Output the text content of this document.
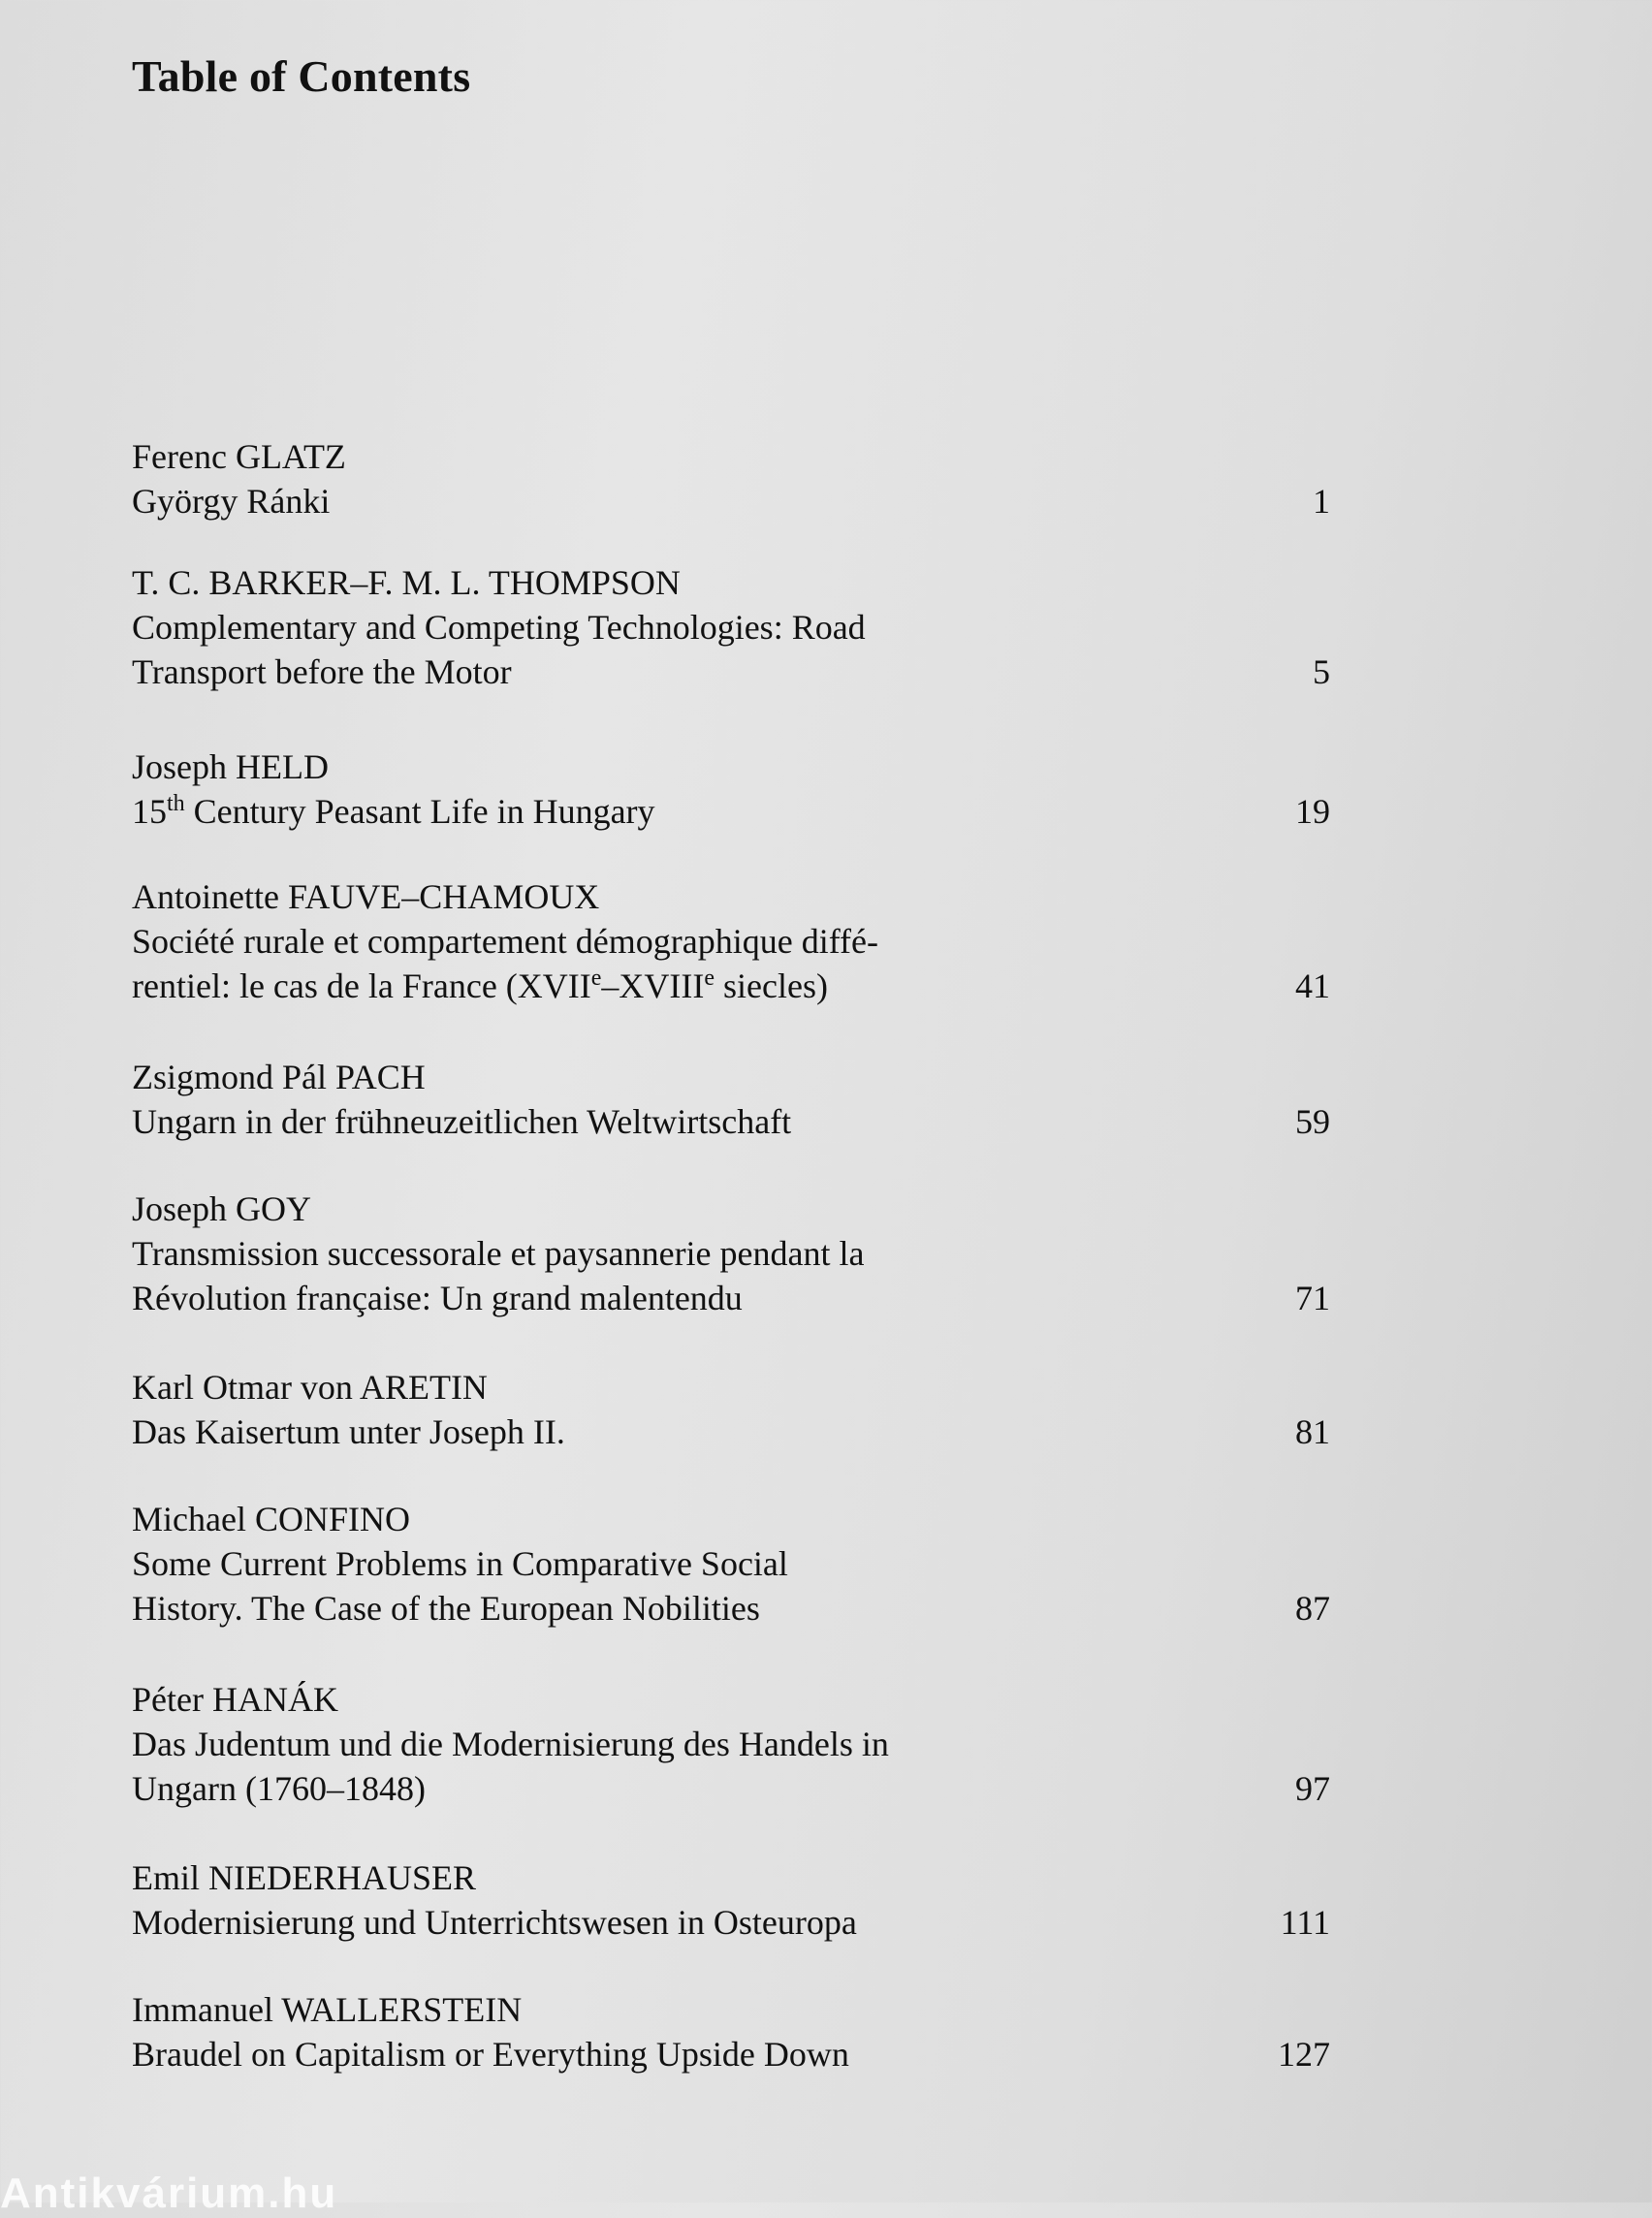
Table of Contents
Ferenc GLATZ
György Ránki	1
T. C. BARKER–F. M. L. THOMPSON
Complementary and Competing Technologies: Road
Transport before the Motor	5
Joseph HELD
15th Century Peasant Life in Hungary	19
Antoinette FAUVE–CHAMOUX
Société rurale et compartement démographique diffé-
rentiel: le cas de la France (XVIIe–XVIIIe siecles)	41
Zsigmond Pál PACH
Ungarn in der frühneuzeitlichen Weltwirtschaft	59
Joseph GOY
Transmission successorale et paysannerie pendant la
Révolution française: Un grand malentendu	71
Karl Otmar von ARETIN
Das Kaisertum unter Joseph II.	81
Michael CONFINO
Some Current Problems in Comparative Social
History. The Case of the European Nobilities	87
Péter HANÁK
Das Judentum und die Modernisierung des Handels in
Ungarn (1760–1848)	97
Emil NIEDERHAUSER
Modernisierung und Unterrichtswesen in Osteuropa	111
Immanuel WALLERSTEIN
Braudel on Capitalism or Everything Upside Down	127
Antikvárium.hu
